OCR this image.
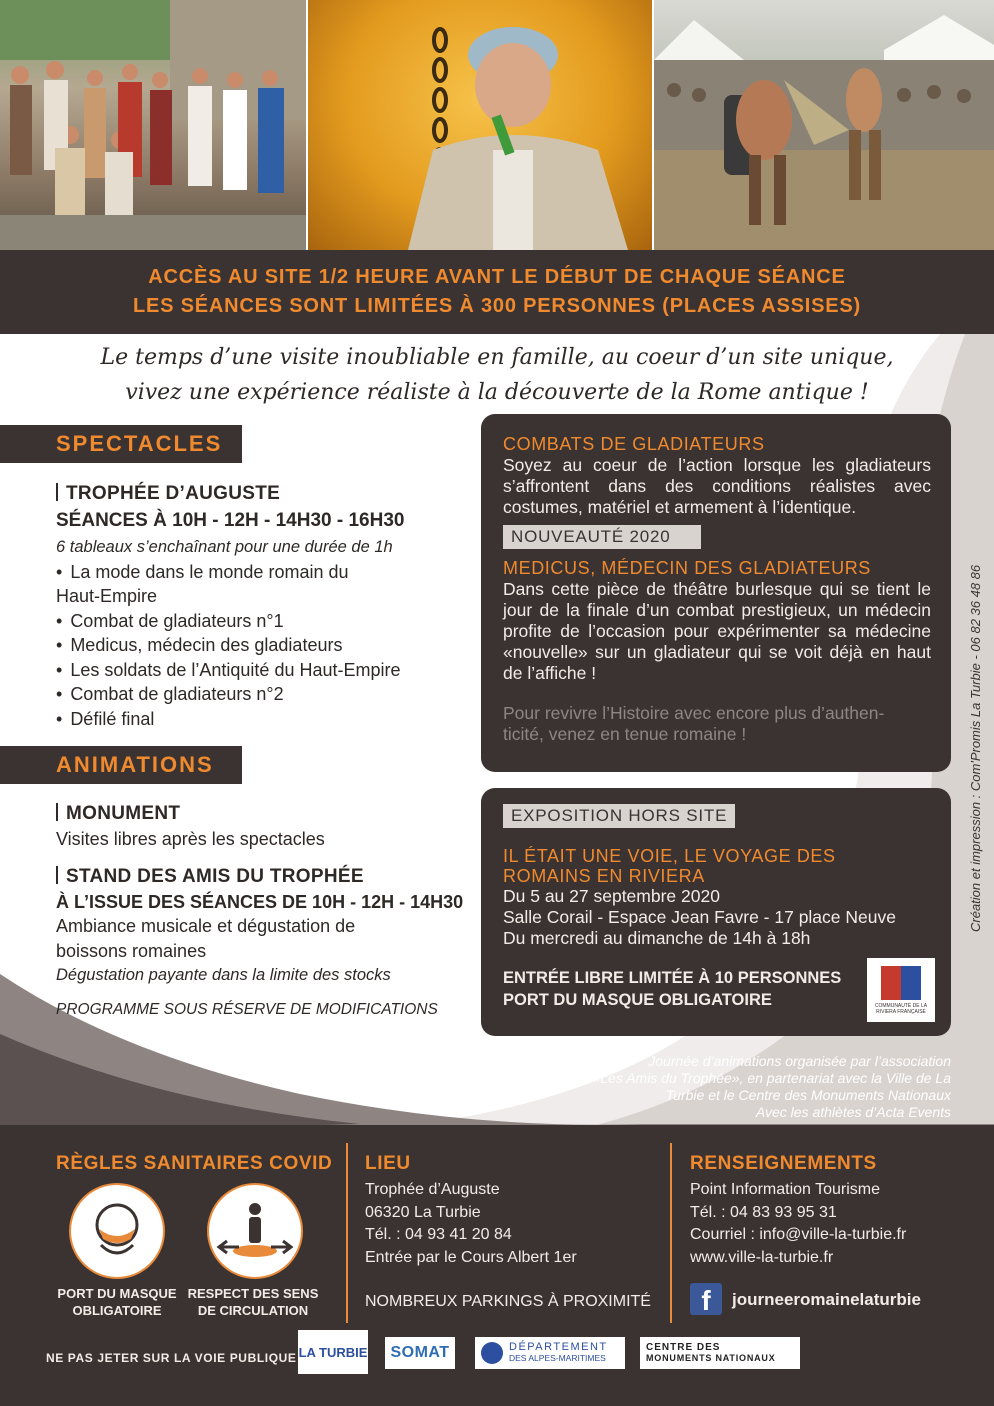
ACCÈS AU SITE 1/2 HEURE AVANT LE DÉBUT DE CHAQUE SÉANCE
LES SÉANCES SONT LIMITÉES À 300 PERSONNES (PLACES ASSISES)
Le temps d’une visite inoubliable en famille, au coeur d’un site unique,
vivez une expérience réaliste à la découverte de la Rome antique !
SPECTACLES
TROPHÉE D’AUGUSTE
SÉANCES À 10H - 12H - 14H30 - 16H30
6 tableaux s’enchaînant pour une durée de 1h
• La mode dans le monde romain du
Haut-Empire
• Combat de gladiateurs n°1
• Medicus, médecin des gladiateurs
• Les soldats de l’Antiquité du Haut-Empire
• Combat de gladiateurs n°2
• Défilé final
ANIMATIONS
MONUMENT
Visites libres après les spectacles
STAND DES AMIS DU TROPHÉE
À L’ISSUE DES SÉANCES DE 10H - 12H - 14H30
Ambiance musicale et dégustation de
boissons romaines
Dégustation payante dans la limite des stocks
PROGRAMME SOUS RÉSERVE DE MODIFICATIONS
COMBATS DE GLADIATEURS
Soyez au coeur de l’action lorsque les gladiateurs s’affrontent dans des conditions réalistes avec costumes, matériel et armement à l’identique.
NOUVEAUTÉ 2020
MEDICUS, MÉDECIN DES GLADIATEURS
Dans cette pièce de théâtre burlesque qui se tient le jour de la finale d’un combat prestigieux, un médecin profite de l’occasion pour expérimenter sa médecine «nouvelle» sur un gladiateur qui se voit déjà en haut de l’affiche !
Pour revivre l’Histoire avec encore plus d’authen-
ticité, venez en tenue romaine !
EXPOSITION HORS SITE
IL ÉTAIT UNE VOIE, LE VOYAGE DES
ROMAINS EN RIVIERA
Du 5 au 27 septembre 2020
Salle Corail - Espace Jean Favre - 17 place Neuve
Du mercredi au dimanche de 14h à 18h
ENTRÉE LIBRE LIMITÉE À 10 PERSONNES
PORT DU MASQUE OBLIGATOIRE	COMMUNAUTÉ DE LA RIVIERA FRANÇAISE
Création et impression : Com'Promis La Turbie - 06 82 36 48 86
Journée d’animations organisée par l’association
«Les Amis du Trophée», en partenariat avec la Ville de La
Turbie et le Centre des Monuments Nationaux
Avec les athlètes d’Acta Events
RÈGLES SANITAIRES COVID
PORT DU MASQUE
OBLIGATOIRE
RESPECT DES SENS
DE CIRCULATION
LIEU
Trophée d’Auguste
06320 La Turbie
Tél. : 04 93 41 20 84
Entrée par le Cours Albert 1er
NOMBREUX PARKINGS À PROXIMITÉ
RENSEIGNEMENTS
Point Information Tourisme
Tél. : 04 83 93 95 31
Courriel : info@ville-la-turbie.fr
www.ville-la-turbie.fr
f	journeeromainelaturbie
NE PAS JETER SUR LA VOIE PUBLIQUE LA TURBIE SOMAT	DÉPARTEMENT
DES ALPES-MARITIMES
CENTRE DES
MONUMENTS NATIONAUX
